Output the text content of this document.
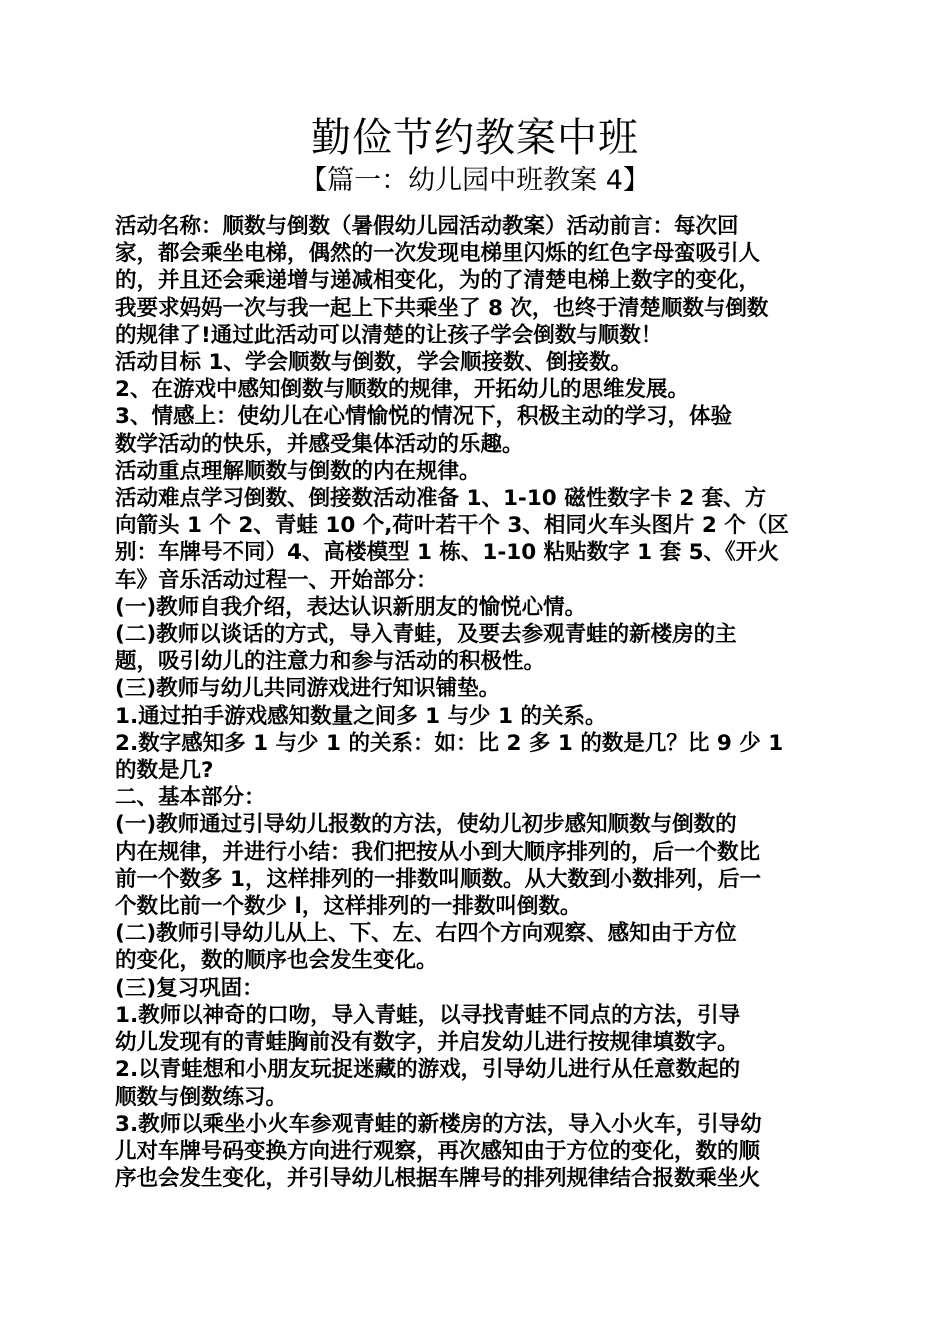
勤俭节约教案中班
【篇一：幼儿园中班教案 4】

活动名称：顺数与倒数（暑假幼儿园活动教案）活动前言：每次回

家，都会乘坐电梯，偶然的一次发现电梯里闪烁的红色字母蛮吸引人

的，并且还会乘递增与递减相变化，为的了清楚电梯上数字的变化，

我要求妈妈一次与我一起上下共乘坐了 8 次，也终于清楚顺数与倒数

的规律了!通过此活动可以清楚的让孩子学会倒数与顺数！

活动目标 1、学会顺数与倒数，学会顺接数、倒接数。

2、在游戏中感知倒数与顺数的规律，开拓幼儿的思维发展。

3、情感上：使幼儿在心情愉悦的情况下，积极主动的学习，体验

数学活动的快乐，并感受集体活动的乐趣。

活动重点理解顺数与倒数的内在规律。

活动难点学习倒数、倒接数活动准备 1、1-10 磁性数字卡 2 套、方

向箭头 1 个 2、青蛙 10 个,荷叶若干个 3、相同火车头图片 2 个（区

别：车牌号不同）4、高楼模型 1 栋、1-10 粘贴数字 1 套 5、《开火

车》音乐活动过程一、开始部分：

(一)教师自我介绍，表达认识新朋友的愉悦心情。

(二)教师以谈话的方式，导入青蛙，及要去参观青蛙的新楼房的主

题，吸引幼儿的注意力和参与活动的积极性。

(三)教师与幼儿共同游戏进行知识铺垫。

1.通过拍手游戏感知数量之间多 1 与少 1 的关系。

2.数字感知多 1 与少 1 的关系：如：比 2 多 1 的数是几？比 9 少 1

的数是几?

二、基本部分：

(一)教师通过引导幼儿报数的方法，使幼儿初步感知顺数与倒数的

内在规律，并进行小结：我们把按从小到大顺序排列的，后一个数比

前一个数多 1，这样排列的一排数叫顺数。从大数到小数排列，后一

个数比前一个数少 l，这样排列的一排数叫倒数。

(二)教师引导幼儿从上、下、左、右四个方向观察、感知由于方位

的变化，数的顺序也会发生变化。

(三)复习巩固：

1.教师以神奇的口吻，导入青蛙，以寻找青蛙不同点的方法，引导

幼儿发现有的青蛙胸前没有数字，并启发幼儿进行按规律填数字。

2.以青蛙想和小朋友玩捉迷藏的游戏，引导幼儿进行从任意数起的

顺数与倒数练习。

3.教师以乘坐小火车参观青蛙的新楼房的方法，导入小火车，引导幼

儿对车牌号码变换方向进行观察，再次感知由于方位的变化，数的顺

序也会发生变化，并引导幼儿根据车牌号的排列规律结合报数乘坐火
